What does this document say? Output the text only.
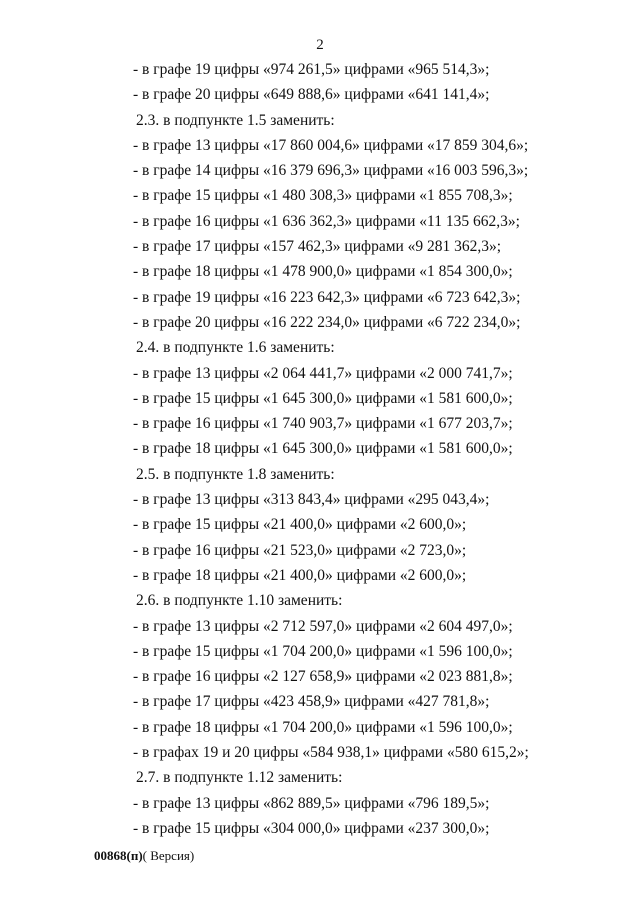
2
- в графе 19 цифры «974 261,5» цифрами «965 514,3»;
- в графе 20 цифры «649 888,6» цифрами «641 141,4»;
2.3. в подпункте 1.5 заменить:
- в графе 13 цифры «17 860 004,6» цифрами «17 859 304,6»;
- в графе 14 цифры «16 379 696,3» цифрами «16 003 596,3»;
- в графе 15 цифры «1 480 308,3» цифрами «1 855 708,3»;
- в графе 16 цифры «1 636 362,3» цифрами «11 135 662,3»;
- в графе 17 цифры «157 462,3» цифрами «9 281 362,3»;
- в графе 18 цифры «1 478 900,0» цифрами «1 854 300,0»;
- в графе 19 цифры «16 223 642,3» цифрами «6 723 642,3»;
- в графе 20 цифры «16 222 234,0» цифрами «6 722 234,0»;
2.4. в подпункте 1.6 заменить:
- в графе 13 цифры «2 064 441,7» цифрами «2 000 741,7»;
- в графе 15 цифры «1 645 300,0» цифрами «1 581 600,0»;
- в графе 16 цифры «1 740 903,7» цифрами «1 677 203,7»;
- в графе 18 цифры «1 645 300,0» цифрами «1 581 600,0»;
2.5. в подпункте 1.8 заменить:
- в графе 13 цифры «313 843,4» цифрами «295 043,4»;
- в графе 15 цифры «21 400,0» цифрами «2 600,0»;
- в графе 16 цифры «21 523,0» цифрами «2 723,0»;
- в графе 18 цифры «21 400,0» цифрами «2 600,0»;
2.6. в подпункте 1.10 заменить:
- в графе 13 цифры «2 712 597,0» цифрами «2 604 497,0»;
- в графе 15 цифры «1 704 200,0» цифрами «1 596 100,0»;
- в графе 16 цифры «2 127 658,9» цифрами «2 023 881,8»;
- в графе 17 цифры «423 458,9» цифрами «427 781,8»;
- в графе 18 цифры «1 704 200,0» цифрами «1 596 100,0»;
- в графах 19 и 20 цифры «584 938,1» цифрами «580 615,2»;
2.7. в подпункте 1.12 заменить:
- в графе 13 цифры «862 889,5» цифрами «796 189,5»;
- в графе 15 цифры «304 000,0» цифрами «237 300,0»;
00868(п)( Версия)
